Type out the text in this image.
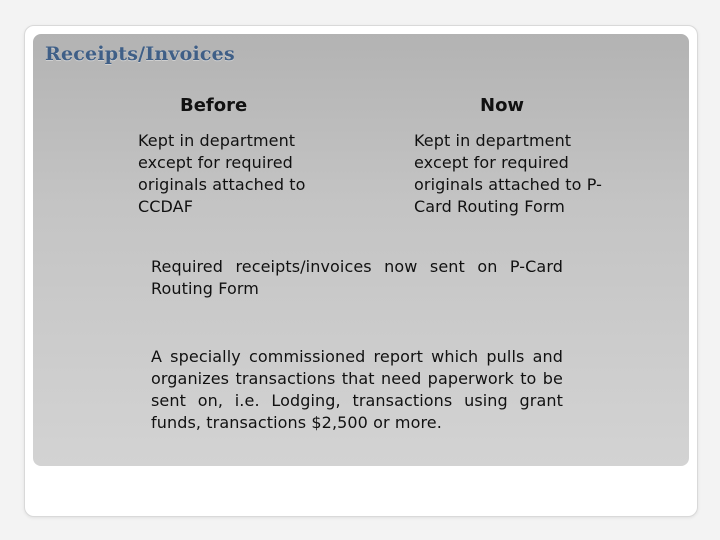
Receipts/Invoices
Before	Now
Kept in department except for required originals attached to CCDAF
Kept in department except for required originals attached to P-Card Routing Form
Required receipts/invoices now sent on P-Card Routing Form
A specially commissioned report which pulls and organizes transactions that need paperwork to be sent on, i.e. Lodging, transactions using grant funds, transactions $2,500 or more.
